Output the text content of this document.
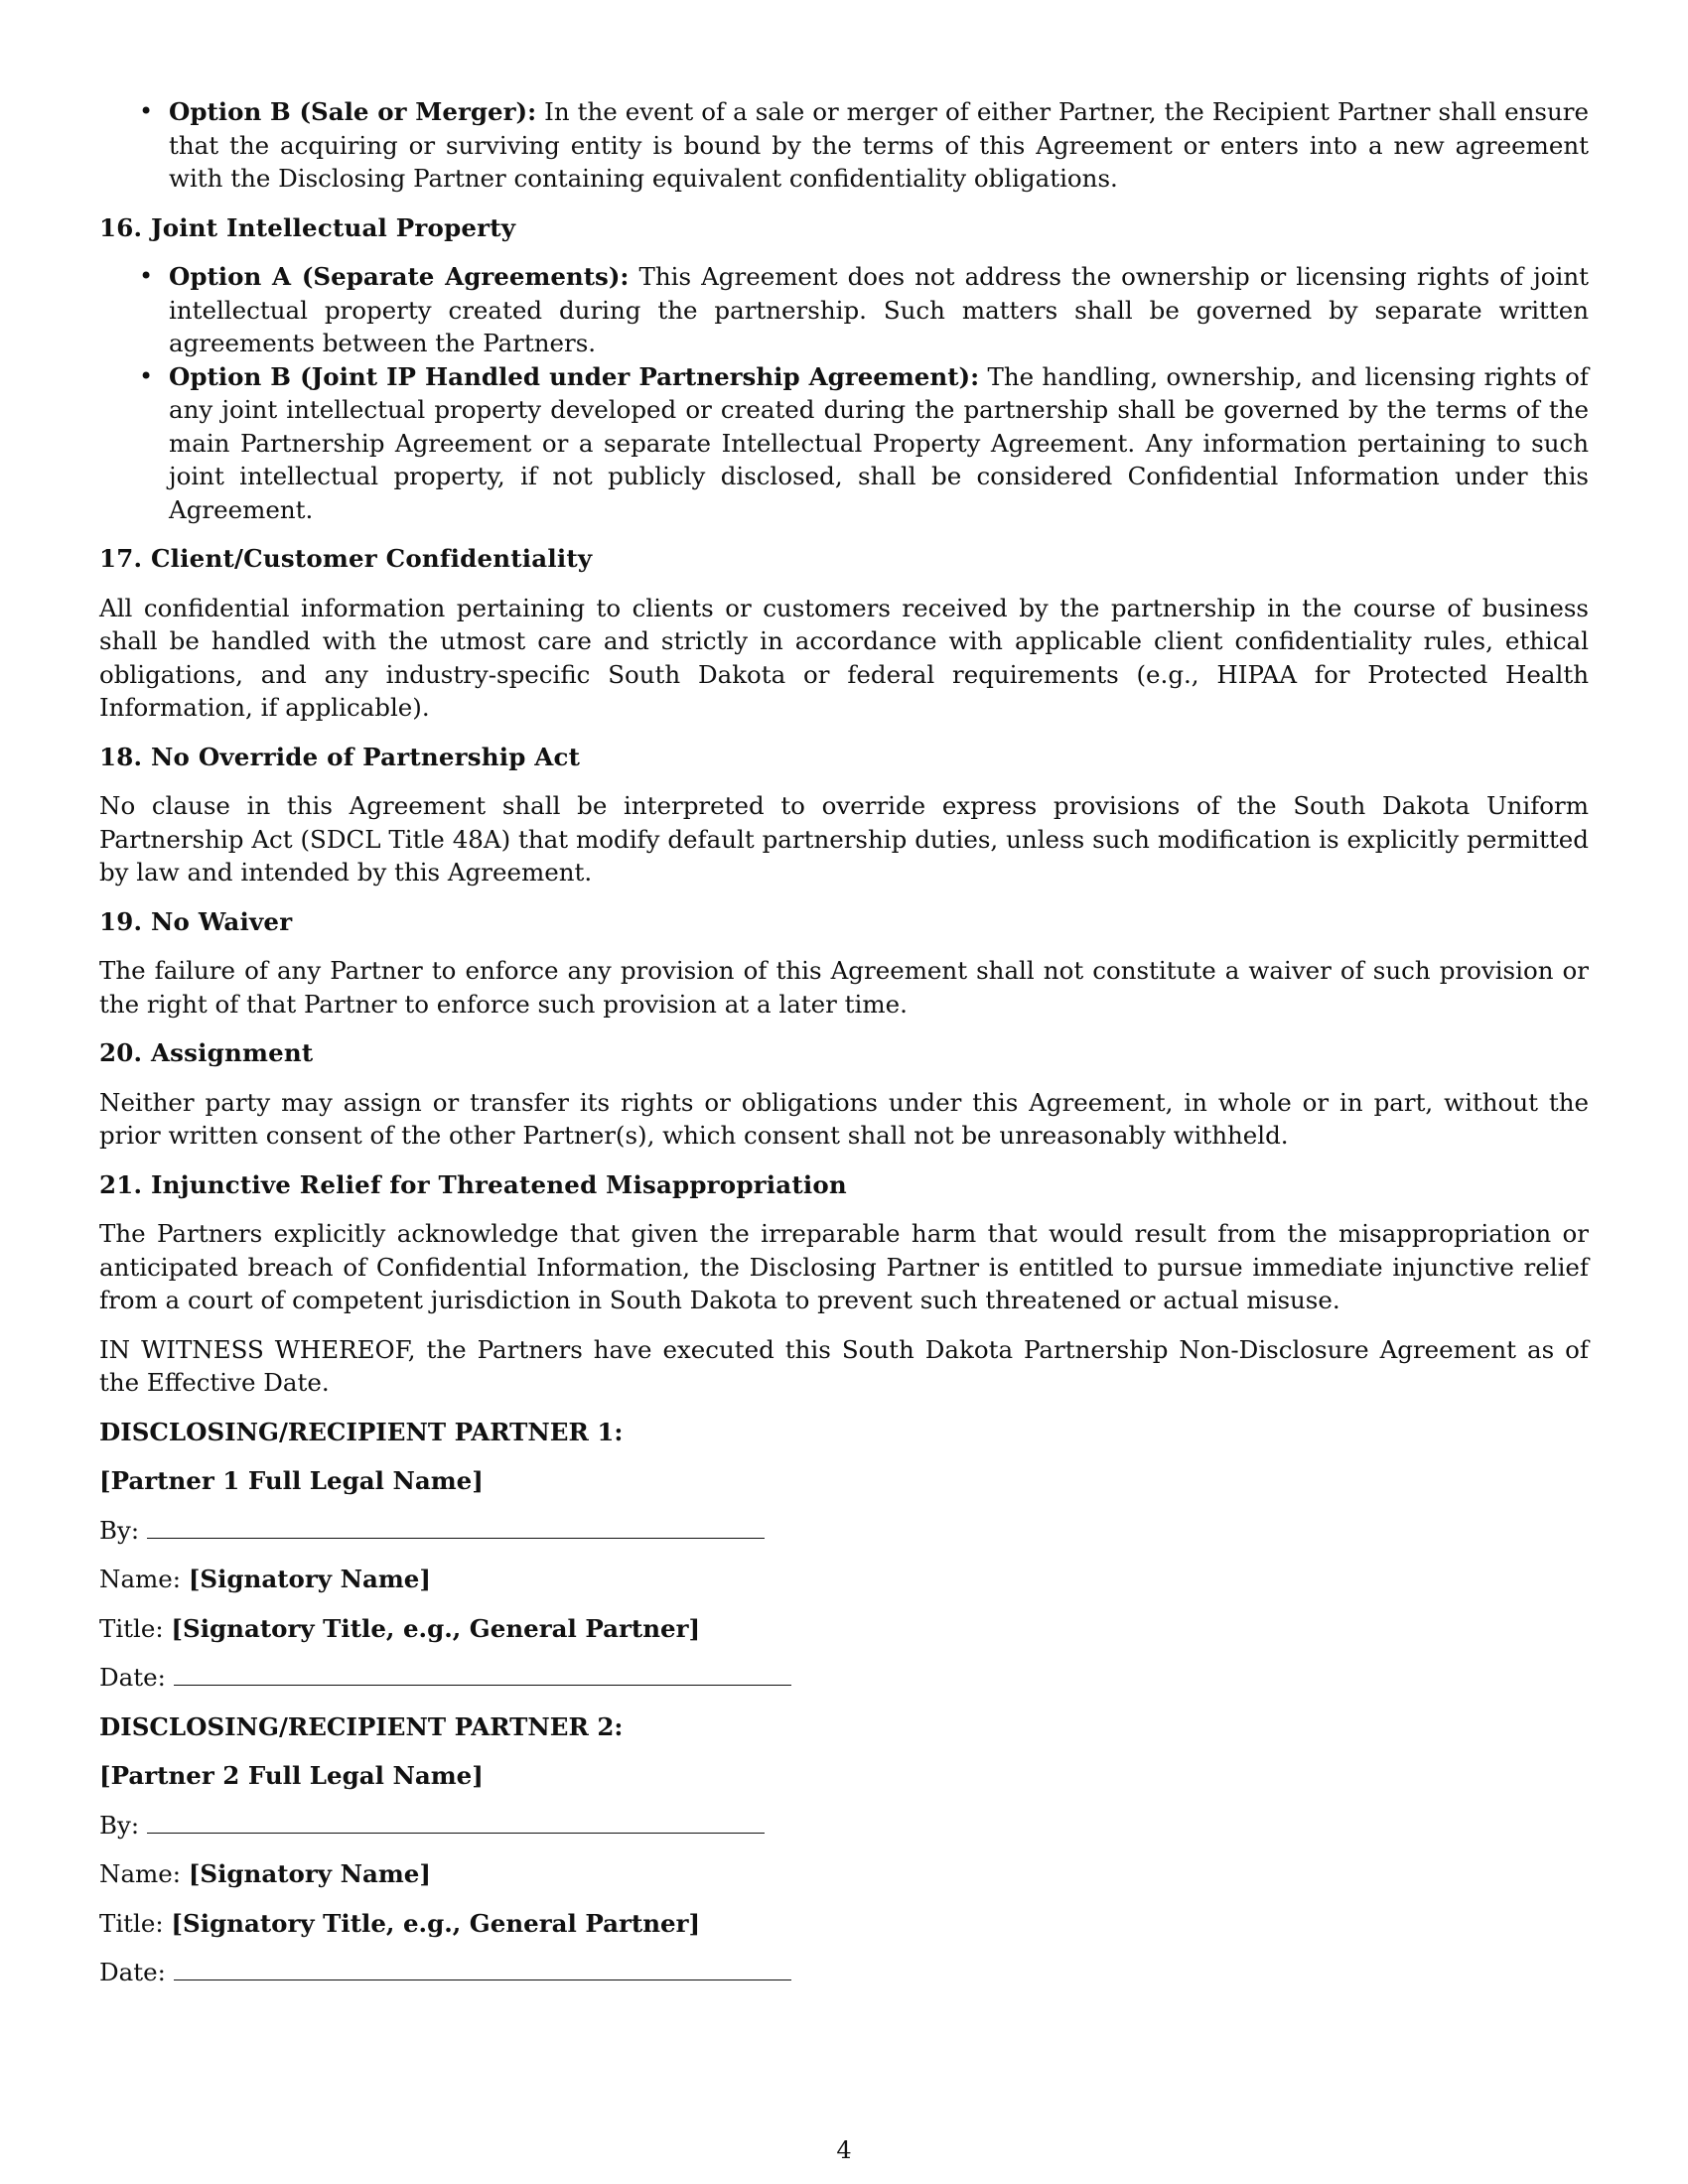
• Option B (Sale or Merger): In the event of a sale or merger of either Partner, the Recipient Partner shall ensure that the acquiring or surviving entity is bound by the terms of this Agreement or enters into a new agreement with the Disclosing Partner containing equivalent confidentiality obligations.

16. Joint Intellectual Property

• Option A (Separate Agreements): This Agreement does not address the ownership or licensing rights of joint intellectual property created during the partnership. Such matters shall be governed by separate written agreements between the Partners.
• Option B (Joint IP Handled under Partnership Agreement): The handling, ownership, and licensing rights of any joint intellectual property developed or created during the partnership shall be governed by the terms of the main Partnership Agreement or a separate Intellectual Property Agreement. Any information pertaining to such joint intellectual property, if not publicly disclosed, shall be considered Confidential Information under this Agreement.

17. Client/Customer Confidentiality

All confidential information pertaining to clients or customers received by the partnership in the course of business shall be handled with the utmost care and strictly in accordance with applicable client confidentiality rules, ethical obligations, and any industry-specific South Dakota or federal requirements (e.g., HIPAA for Protected Health Information, if applicable).

18. No Override of Partnership Act

No clause in this Agreement shall be interpreted to override express provisions of the South Dakota Uniform Partnership Act (SDCL Title 48A) that modify default partnership duties, unless such modification is explicitly permitted by law and intended by this Agreement.

19. No Waiver

The failure of any Partner to enforce any provision of this Agreement shall not constitute a waiver of such provision or the right of that Partner to enforce such provision at a later time.

20. Assignment

Neither party may assign or transfer its rights or obligations under this Agreement, in whole or in part, without the prior written consent of the other Partner(s), which consent shall not be unreasonably withheld.

21. Injunctive Relief for Threatened Misappropriation

The Partners explicitly acknowledge that given the irreparable harm that would result from the misappropriation or anticipated breach of Confidential Information, the Disclosing Partner is entitled to pursue immediate injunctive relief from a court of competent jurisdiction in South Dakota to prevent such threatened or actual misuse.

IN WITNESS WHEREOF, the Partners have executed this South Dakota Partnership Non-Disclosure Agreement as of the Effective Date.

DISCLOSING/RECIPIENT PARTNER 1:

[Partner 1 Full Legal Name]

By:

Name: [Signatory Name]

Title: [Signatory Title, e.g., General Partner]

Date:

DISCLOSING/RECIPIENT PARTNER 2:

[Partner 2 Full Legal Name]

By:

Name: [Signatory Name]

Title: [Signatory Title, e.g., General Partner]

Date:

4
